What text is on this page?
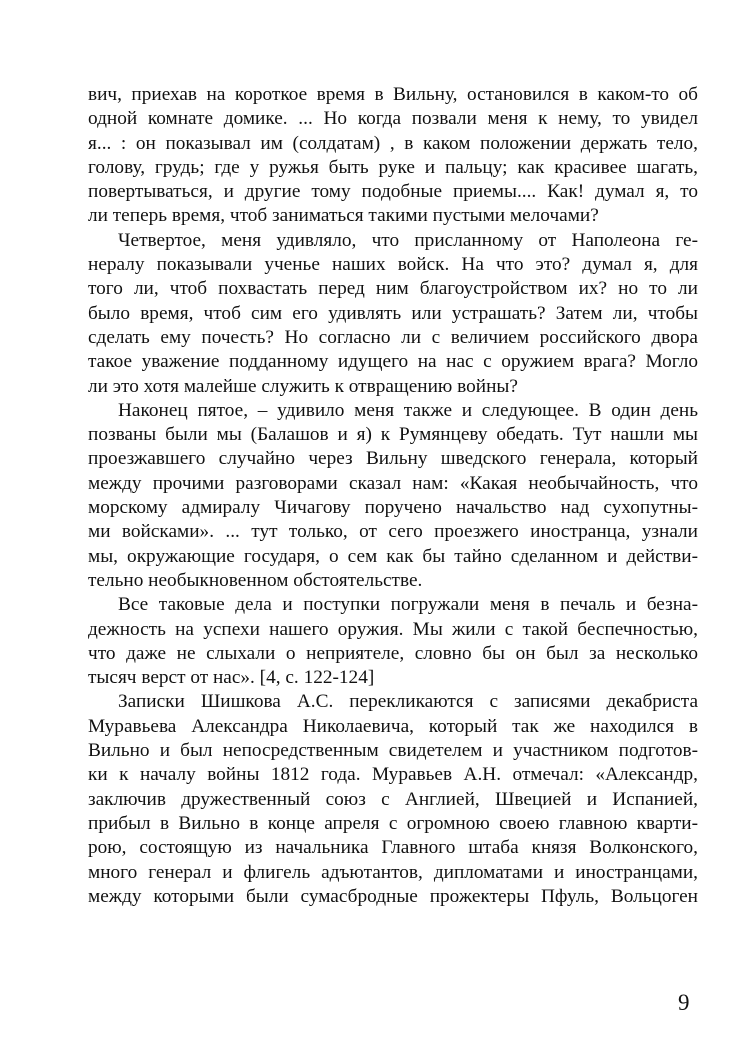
вич, приехав на короткое время в Вильну, остановился в каком-то об
одной комнате домике. ... Но когда позвали меня к нему, то увидел
я... : он показывал им (солдатам) , в каком положении держать тело,
голову, грудь; где у ружья быть руке и пальцу; как красивее шагать,
повертываться, и другие тому подобные приемы.... Как! думал я, то
ли теперь время, чтоб заниматься такими пустыми мелочами?
Четвертое, меня удивляло, что присланному от Наполеона ге-
нералу показывали ученье наших войск. На что это? думал я, для
того ли, чтоб похвастать перед ним благоустройством их? но то ли
было время, чтоб сим его удивлять или устрашать? Затем ли, чтобы
сделать ему почесть? Но согласно ли с величием российского двора
такое уважение подданному идущего на нас с оружием врага? Могло
ли это хотя малейше служить к отвращению войны?
Наконец пятое, – удивило меня также и следующее. В один день
позваны были мы (Балашов и я) к Румянцеву обедать. Тут нашли мы
проезжавшего случайно через Вильну шведского генерала, который
между прочими разговорами сказал нам: «Какая необычайность, что
морскому адмиралу Чичагову поручено начальство над сухопутны-
ми войсками». ... тут только, от сего проезжего иностранца, узнали
мы, окружающие государя, о сем как бы тайно сделанном и действи-
тельно необыкновенном обстоятельстве.
Все таковые дела и поступки погружали меня в печаль и безна-
дежность на успехи нашего оружия. Мы жили с такой беспечностью,
что даже не слыхали о неприятеле, словно бы он был за несколько
тысяч верст от нас». [4, с. 122-124]
Записки Шишкова А.С. перекликаются с записями декабриста
Муравьева Александра Николаевича, который так же находился в
Вильно и был непосредственным свидетелем и участником подготов-
ки к началу войны 1812 года. Муравьев А.Н. отмечал: «Александр,
заключив дружественный союз с Англией, Швецией и Испанией,
прибыл в Вильно в конце апреля с огромною своею главною кварти-
рою, состоящую из начальника Главного штаба князя Волконского,
много генерал и флигель адъютантов, дипломатами и иностранцами,
между которыми были сумасбродные прожектеры Пфуль, Вольцоген
9
